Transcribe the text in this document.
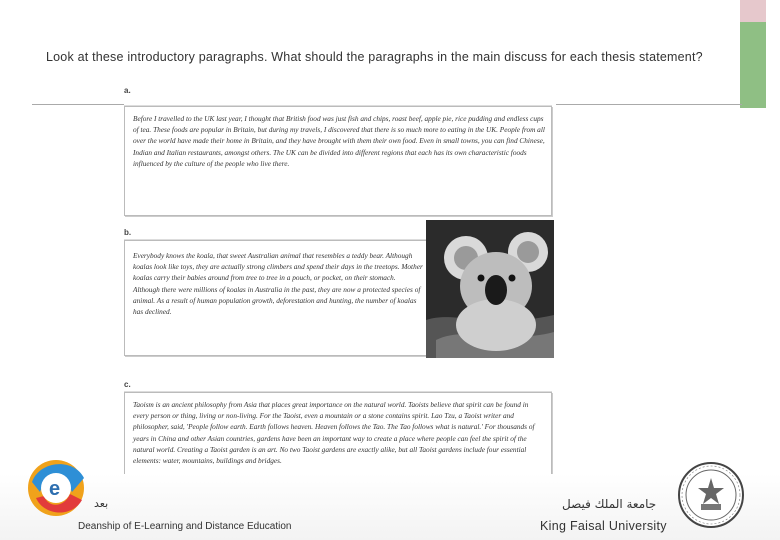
Look at these introductory paragraphs. What should the paragraphs in the main discuss for each thesis statement?
a.

Before I travelled to the UK last year, I thought that British food was just fish and chips, roast beef, apple pie, rice pudding and endless cups of tea. These foods are popular in Britain, but during my travels, I discovered that there is so much more to eating in the UK. People from all over the world have made their home in Britain, and they have brought with them their own food. Even in small towns, you can find Chinese, Indian and Italian restaurants, amongst others. The UK can be divided into different regions that each has its own characteristic foods influenced by the culture of the people who live there.

b.

Everybody knows the koala, that sweet Australian animal that resembles a teddy bear. Although koalas look like toys, they are actually strong climbers and spend their days in the treetops. Mother koalas carry their babies around from tree to tree in a pouch, or pocket, on their stomach. Although there were millions of koalas in Australia in the past, they are now a protected species of animal. As a result of human population growth, deforestation and hunting, the number of koalas has declined.

c.

Taoism is an ancient philosophy from Asia that places great importance on the natural world. Taoists believe that spirit can be found in every person or thing, living or non-living. For the Taoist, even a mountain or a stone contains spirit. Lao Tzu, a Taoist writer and philosopher, said, 'People follow earth. Earth follows heaven. Heaven follows the Tao. The Tao follows what is natural.' For thousands of years in China and other Asian countries, gardens have been an important way to create a place where people can feel the spirit of the natural world. Creating a Taoist garden is an art. No two Taoist gardens are exactly alike, but all Taoist gardens include four essential elements: water, mountains, buildings and bridges.

e
بعد
Deanship of E-Learning and Distance Education
جامعة الملك فيصل
King Faisal University
